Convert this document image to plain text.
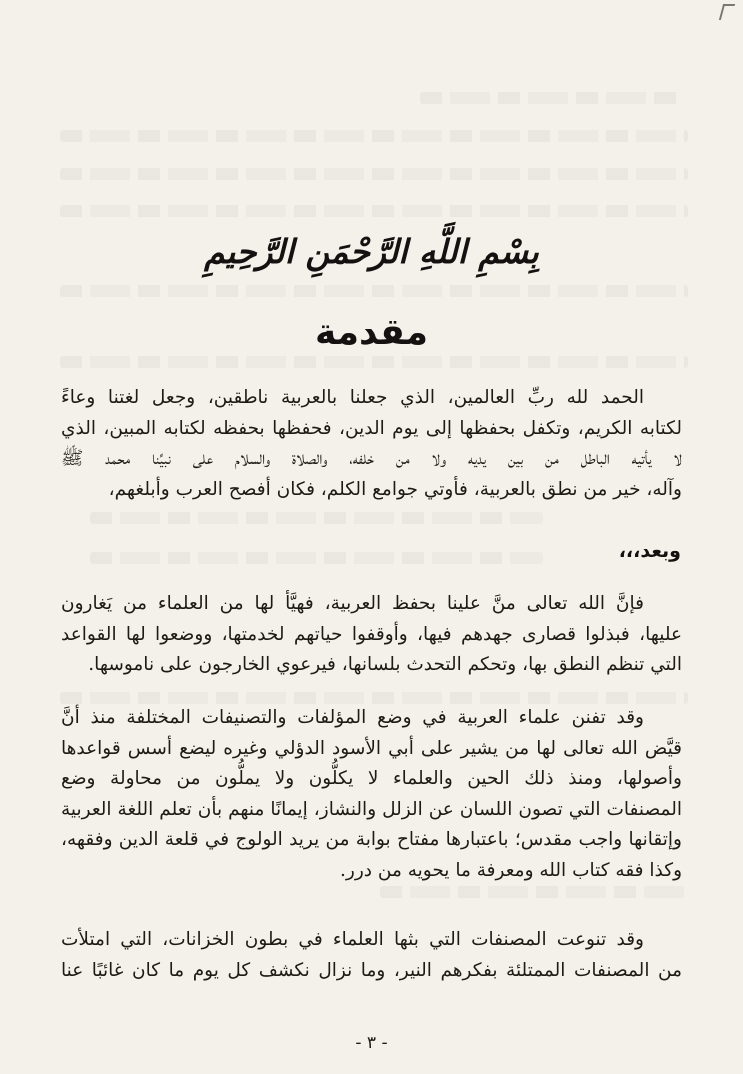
بِسْمِ اللَّهِ الرَّحْمَنِ الرَّحِيمِ
مقدمة

الحمد لله ربِّ العالمين، الذي جعلنا بالعربية ناطقين، وجعل لغتنا وعاءً
لكتابه الكريم، وتكفل بحفظها إلى يوم الدين، فحفظها بحفظه لكتابه المبين، الذي
لا يأتيه الباطل من بين يديه ولا من خلفه، والصلاة والسلام على نبيِّنا محمد ﷺ
وآله، خير من نطق بالعربية، فأوتي جوامع الكلم، فكان أفصح العرب وأبلغهم،

وبعد،،،

فإنَّ الله تعالى منَّ علينا بحفظ العربية، فهيَّأ لها من العلماء من يَغارون
عليها، فبذلوا قصارى جهدهم فيها، وأوقفوا حياتهم لخدمتها، ووضعوا لها القواعد
التي تنظم النطق بها، وتحكم التحدث بلسانها، فيرعوي الخارجون على ناموسها.

وقد تفنن علماء العربية في وضع المؤلفات والتصنيفات المختلفة منذ أنَّ
قيَّض الله تعالى لها من يشير على أبي الأسود الدؤلي وغيره ليضع أسس قواعدها
وأصولها، ومنذ ذلك الحين والعلماء لا يكلُّون ولا يملُّون من محاولة وضع
المصنفات التي تصون اللسان عن الزلل والنشاز، إيمانًا منهم بأن تعلم اللغة العربية
وإتقانها واجب مقدس؛ باعتبارها مفتاح بوابة من يريد الولوج في قلعة الدين وفقهه،
وكذا فقه كتاب الله ومعرفة ما يحويه من درر.

وقد تنوعت المصنفات التي بثها العلماء في بطون الخزانات، التي امتلأت
من المصنفات الممتلئة بفكرهم النير، وما نزال نكشف كل يوم ما كان غائبًا عنا

- ٣ -
